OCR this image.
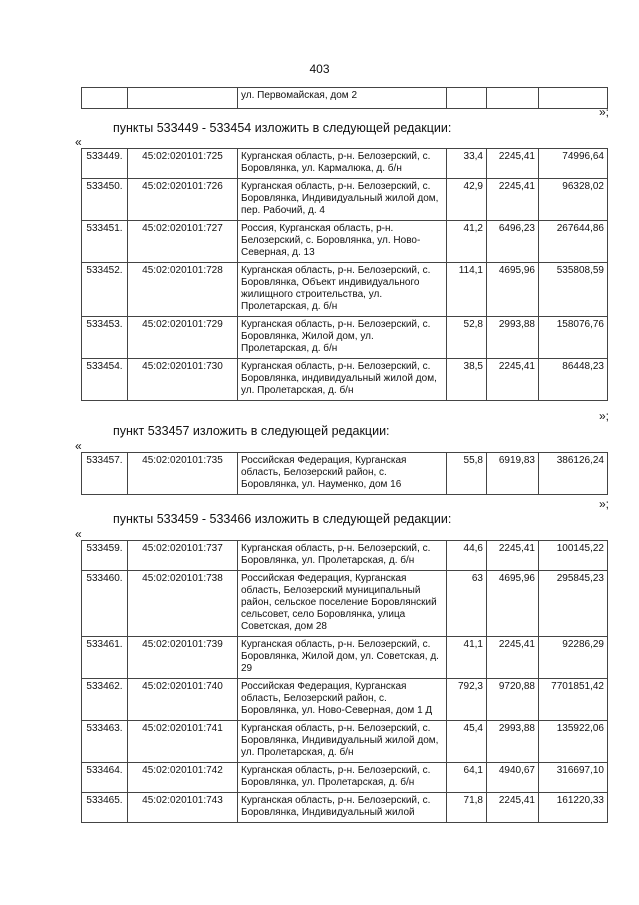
403
		ул. Первомайская, дом 2			
»;
пункты 533449 - 533454 изложить в следующей редакции:
«
533449.	45:02:020101:725	Курганская область, р-н. Белозерский, с. Боровлянка, ул. Кармалюка, д. б/н	33,4	2245,41	74996,64
533450.	45:02:020101:726	Курганская область, р-н. Белозерский, с. Боровлянка, Индивидуальный жилой дом, пер. Рабочий, д. 4	42,9	2245,41	96328,02
533451.	45:02:020101:727	Россия, Курганская область, р-н. Белозерский, с. Боровлянка, ул. Ново-Северная, д. 13	41,2	6496,23	267644,86
533452.	45:02:020101:728	Курганская область, р-н. Белозерский, с. Боровлянка, Объект индивидуального жилищного строительства, ул. Пролетарская, д. б/н	114,1	4695,96	535808,59
533453.	45:02:020101:729	Курганская область, р-н. Белозерский, с. Боровлянка, Жилой дом, ул. Пролетарская, д. б/н	52,8	2993,88	158076,76
533454.	45:02:020101:730	Курганская область, р-н. Белозерский, с. Боровлянка, индивидуальный жилой дом, ул. Пролетарская, д. б/н	38,5	2245,41	86448,23
»;
пункт 533457 изложить в следующей редакции:
«
533457.	45:02:020101:735	Российская Федерация, Курганская область, Белозерский район, с. Боровлянка, ул. Науменко, дом 16	55,8	6919,83	386126,24
»;
пункты 533459 - 533466 изложить в следующей редакции:
«
533459.	45:02:020101:737	Курганская область, р-н. Белозерский, с. Боровлянка, ул. Пролетарская, д. б/н	44,6	2245,41	100145,22
533460.	45:02:020101:738	Российская Федерация, Курганская область, Белозерский муниципальный район, сельское поселение Боровлянский сельсовет, село Боровлянка, улица Советская, дом 28	63	4695,96	295845,23
533461.	45:02:020101:739	Курганская область, р-н. Белозерский, с. Боровлянка, Жилой дом, ул. Советская, д. 29	41,1	2245,41	92286,29
533462.	45:02:020101:740	Российская Федерация, Курганская область, Белозерский район, с. Боровлянка, ул. Ново-Северная, дом 1 Д	792,3	9720,88	7701851,42
533463.	45:02:020101:741	Курганская область, р-н. Белозерский, с. Боровлянка, Индивидуальный жилой дом, ул. Пролетарская, д. б/н	45,4	2993,88	135922,06
533464.	45:02:020101:742	Курганская область, р-н. Белозерский, с. Боровлянка, ул. Пролетарская, д. б/н	64,1	4940,67	316697,10
533465.	45:02:020101:743	Курганская область, р-н. Белозерский, с. Боровлянка, Индивидуальный жилой	71,8	2245,41	161220,33
